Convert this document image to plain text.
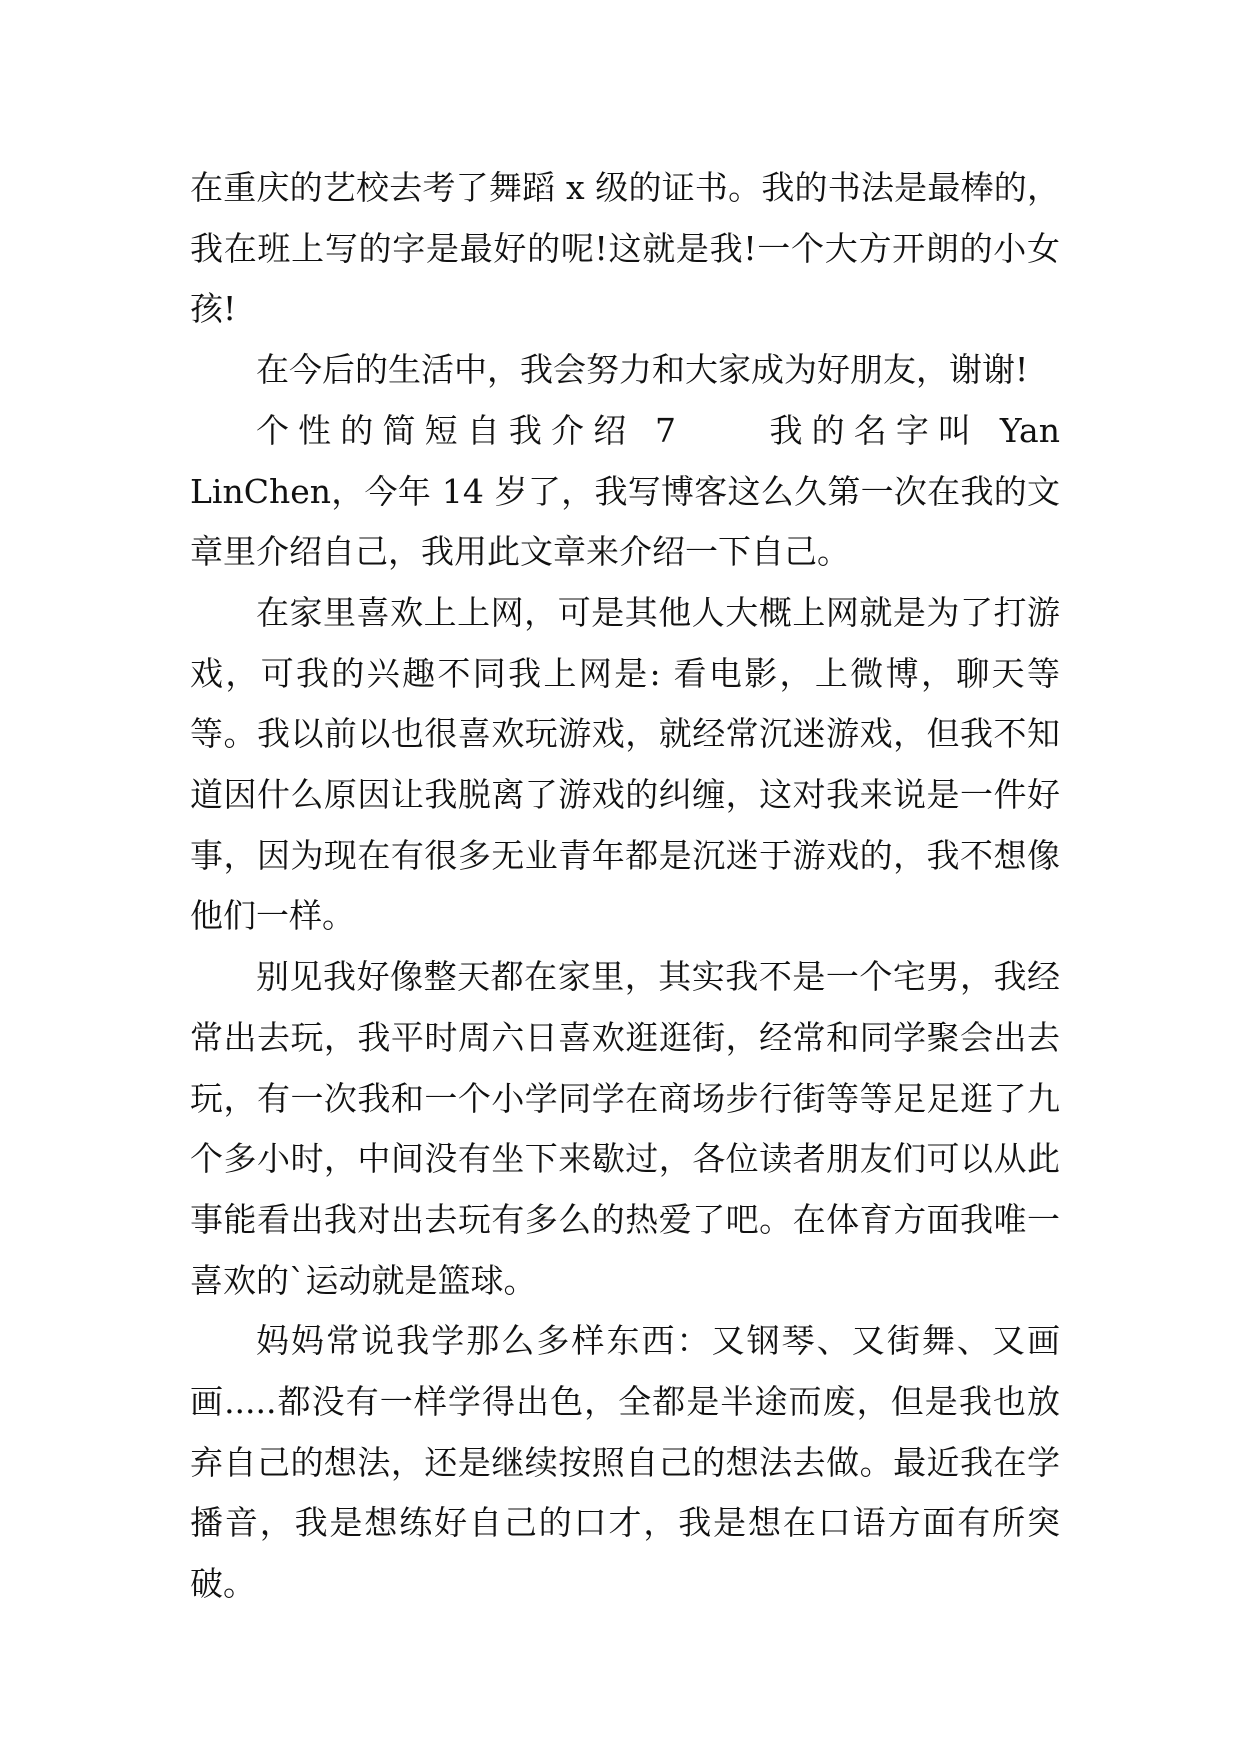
在重庆的艺校去考了舞蹈 x 级的证书。我的书法是最棒的，我在班上写的字是最好的呢!这就是我!一个大方开朗的小女孩!

在今后的生活中，我会努力和大家成为好朋友，谢谢!

个性的简短自我介绍 7　　我的名字叫 Yan LinChen，今年 14 岁了，我写博客这么久第一次在我的文章里介绍自己，我用此文章来介绍一下自己。

在家里喜欢上上网，可是其他人大概上网就是为了打游戏，可我的兴趣不同我上网是: 看电影，上微博，聊天等等。我以前以也很喜欢玩游戏，就经常沉迷游戏，但我不知道因什么原因让我脱离了游戏的纠缠，这对我来说是一件好事，因为现在有很多无业青年都是沉迷于游戏的，我不想像他们一样。

别见我好像整天都在家里，其实我不是一个宅男，我经常出去玩，我平时周六日喜欢逛逛街，经常和同学聚会出去玩，有一次我和一个小学同学在商场步行街等等足足逛了九个多小时，中间没有坐下来歇过，各位读者朋友们可以从此事能看出我对出去玩有多么的热爱了吧。在体育方面我唯一喜欢的`运动就是篮球。

妈妈常说我学那么多样东西：又钢琴、又街舞、又画画.....都没有一样学得出色，全都是半途而废，但是我也放弃自己的想法，还是继续按照自己的想法去做。最近我在学播音，我是想练好自己的口才，我是想在口语方面有所突破。
